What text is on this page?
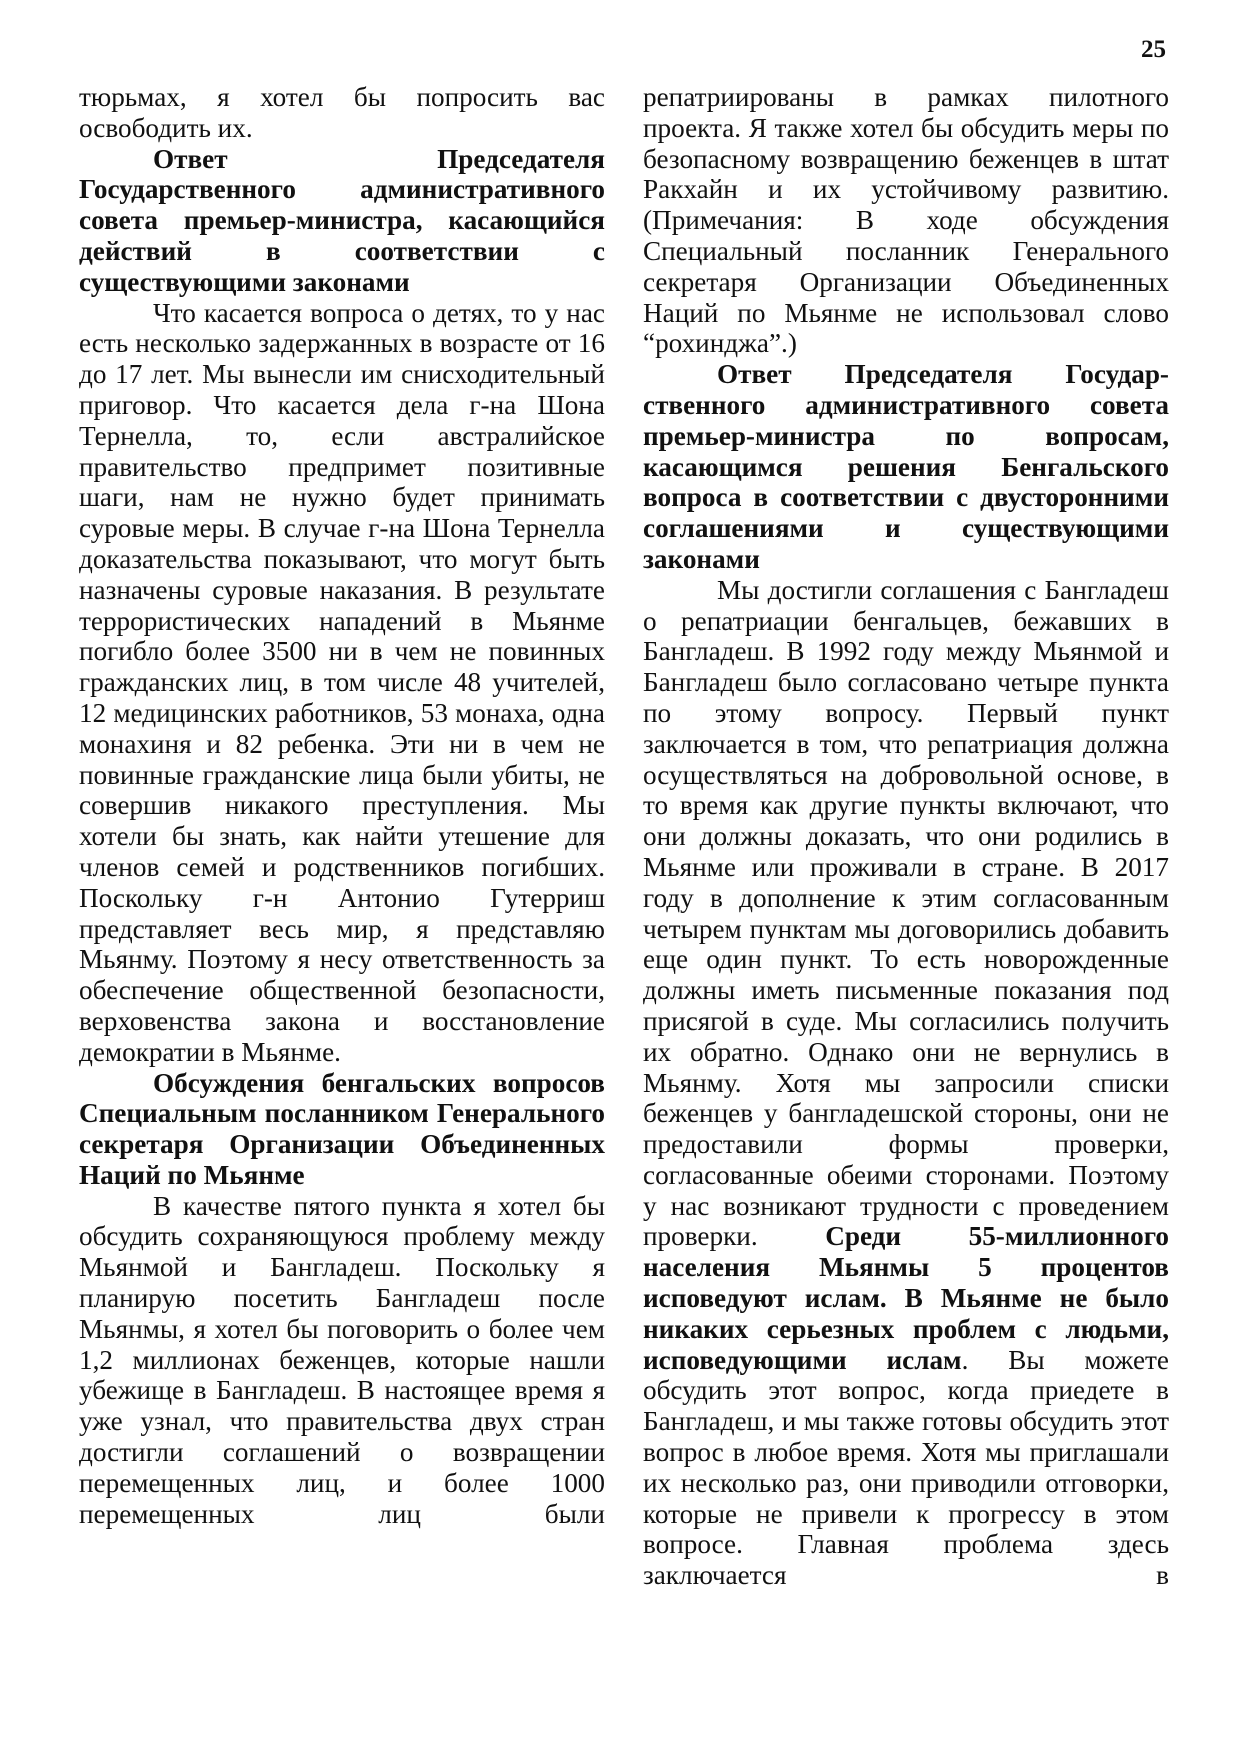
25

тюрьмах, я хотел бы попросить вас освободить их.

Ответ Председателя Государственного административного совета премьер-министра, касающийся действий в соответствии с существующими законами

Что касается вопроса о детях, то у нас есть несколько задержанных в возрасте от 16 до 17 лет. Мы вынесли им снисходительный приговор. Что касается дела г-на Шона Тернелла, то, если австралийское правительство предпримет позитивные шаги, нам не нужно будет принимать суровые меры. В случае г-на Шона Тернелла доказательства показывают, что могут быть назначены суровые наказания. В результате террористических нападений в Мьянме погибло более 3500 ни в чем не повинных гражданских лиц, в том числе 48 учителей, 12 медицинских работников, 53 монаха, одна монахиня и 82 ребенка. Эти ни в чем не повинные гражданские лица были убиты, не совершив никакого преступления. Мы хотели бы знать, как найти утешение для членов семей и родственников погибших. Поскольку г-н Антонио Гутерриш представляет весь мир, я представляю Мьянму. Поэтому я несу ответственность за обеспечение общественной безопасности, верховенства закона и восстановление демократии в Мьянме.

Обсуждения бенгальских вопросов Специальным посланником Генерального секретаря Организации Объединенных Наций по Мьянме

В качестве пятого пункта я хотел бы обсудить сохраняющуюся проблему между Мьянмой и Бангладеш. Поскольку я планирую посетить Бангладеш после Мьянмы, я хотел бы поговорить о более чем 1,2 миллионах беженцев, которые нашли убежище в Бангладеш. В настоящее время я уже узнал, что правительства двух стран достигли соглашений о возвращении перемещенных лиц, и более 1000 перемещенных лиц были

репатриированы в рамках пилотного проекта. Я также хотел бы обсудить меры по безопасному возвращению беженцев в штат Ракхайн и их устойчивому развитию. (Примечания: В ходе обсуждения Специальный посланник Генерального секретаря Организации Объединенных Наций по Мьянме не использовал слово “рохинджа”.)

Ответ Председателя Государ-ственного административного совета премьер-министра по вопросам, касающимся решения Бенгальского вопроса в соответствии с двусторонними соглашениями и существующими законами

Мы достигли соглашения с Бангладеш о репатриации бенгальцев, бежавших в Бангладеш. В 1992 году между Мьянмой и Бангладеш было согласовано четыре пункта по этому вопросу. Первый пункт заключается в том, что репатриация должна осуществляться на добровольной основе, в то время как другие пункты включают, что они должны доказать, что они родились в Мьянме или проживали в стране. В 2017 году в дополнение к этим согласованным четырем пунктам мы договорились добавить еще один пункт. То есть новорожденные должны иметь письменные показания под присягой в суде. Мы согласились получить их обратно. Однако они не вернулись в Мьянму. Хотя мы запросили списки беженцев у бангладешской стороны, они не предоставили формы проверки, согласованные обеими сторонами. Поэтому у нас возникают трудности с проведением проверки. Среди 55-миллионного населения Мьянмы 5 процентов исповедуют ислам. В Мьянме не было никаких серьезных проблем с людьми, исповедующими ислам. Вы можете обсудить этот вопрос, когда приедете в Бангладеш, и мы также готовы обсудить этот вопрос в любое время. Хотя мы приглашали их несколько раз, они приводили отговорки, которые не привели к прогрессу в этом вопросе. Главная проблема здесь заключается в
